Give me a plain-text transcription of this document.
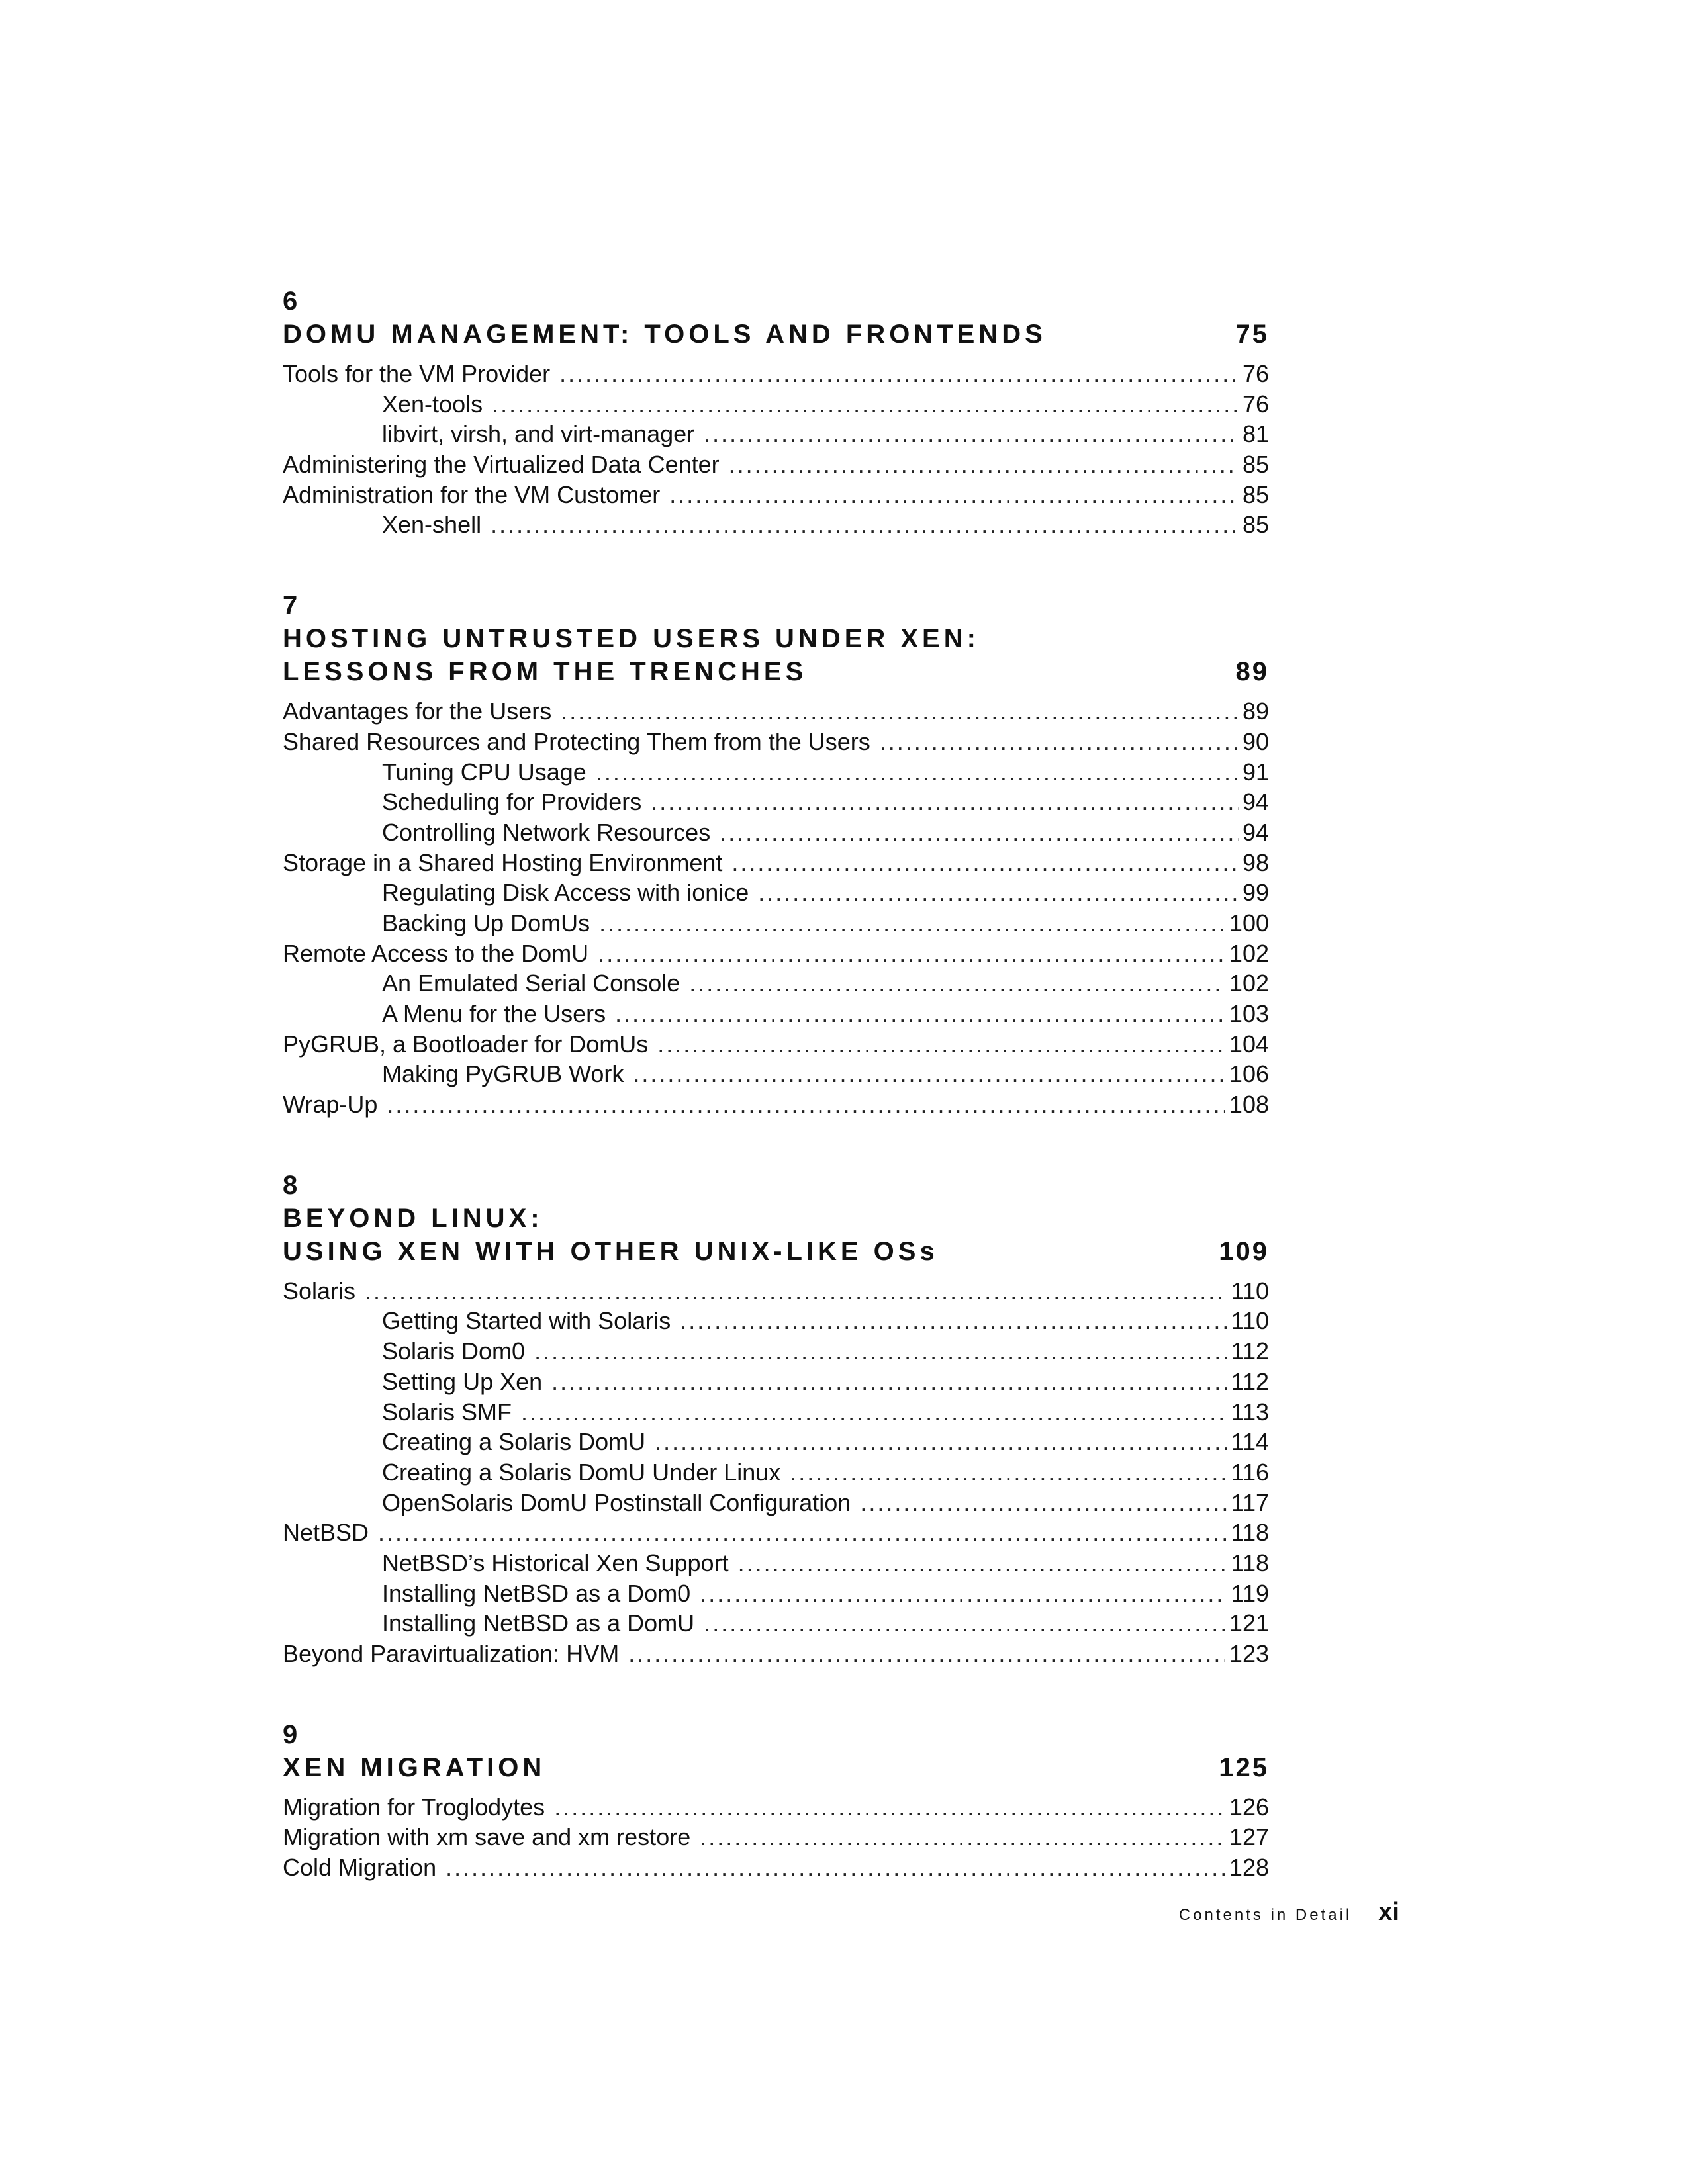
6
DOMU MANAGEMENT: TOOLS AND FRONTENDS	75
Tools for the VM Provider .....	76
Xen-tools .....	76
libvirt, virsh, and virt-manager .....	81
Administering the Virtualized Data Center .....	85
Administration for the VM Customer .....	85
Xen-shell .....	85
7
HOSTING UNTRUSTED USERS UNDER XEN:
LESSONS FROM THE TRENCHES	89
Advantages for the Users .....	89
Shared Resources and Protecting Them from the Users .....	90
Tuning CPU Usage .....	91
Scheduling for Providers .....	94
Controlling Network Resources .....	94
Storage in a Shared Hosting Environment .....	98
Regulating Disk Access with ionice .....	99
Backing Up DomUs .....	100
Remote Access to the DomU .....	102
An Emulated Serial Console .....	102
A Menu for the Users .....	103
PyGRUB, a Bootloader for DomUs .....	104
Making PyGRUB Work .....	106
Wrap-Up .....	108
8
BEYOND LINUX:
USING XEN WITH OTHER UNIX-LIKE OSs	109
Solaris .....	110
Getting Started with Solaris .....	110
Solaris Dom0 .....	112
Setting Up Xen .....	112
Solaris SMF .....	113
Creating a Solaris DomU .....	114
Creating a Solaris DomU Under Linux .....	116
OpenSolaris DomU Postinstall Configuration .....	117
NetBSD .....	118
NetBSD’s Historical Xen Support .....	118
Installing NetBSD as a Dom0 .....	119
Installing NetBSD as a DomU .....	121
Beyond Paravirtualization: HVM .....	123
9
XEN MIGRATION	125
Migration for Troglodytes .....	126
Migration with xm save and xm restore .....	127
Cold Migration .....	128
Contents in Detail xi
